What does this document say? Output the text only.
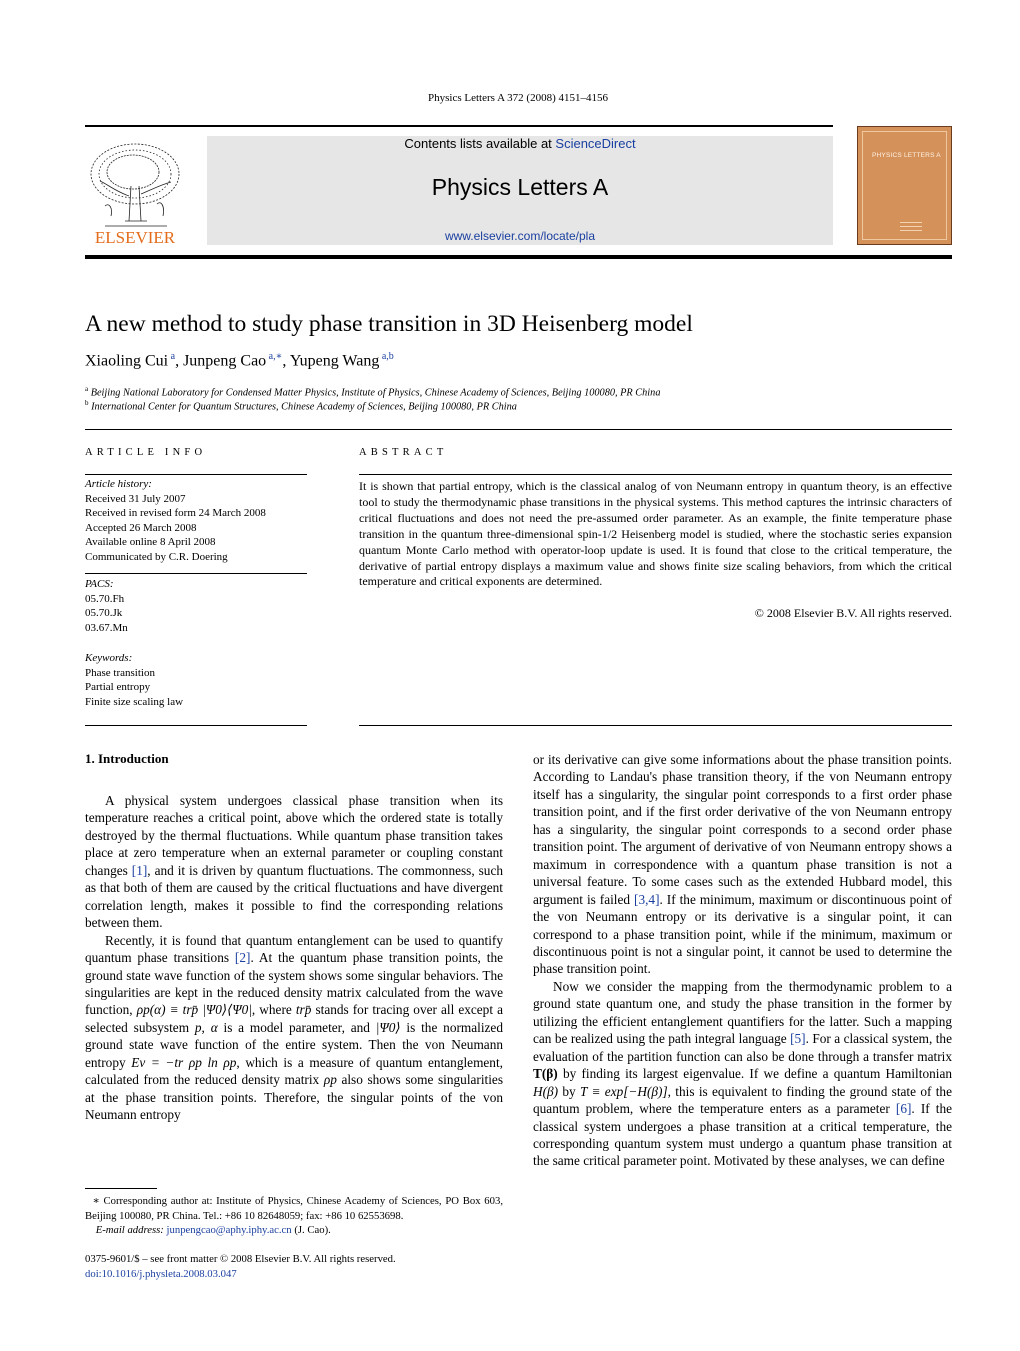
Physics Letters A 372 (2008) 4151–4156
ELSEVIER
Contents lists available at ScienceDirect
Physics Letters A
www.elsevier.com/locate/pla
PHYSICS LETTERS A
A new method to study phase transition in 3D Heisenberg model
Xiaoling Cui $^a$, Junpeng Cao $^{a,∗}$, Yupeng Wang $^{a,b}$
$^a$ Beijing National Laboratory for Condensed Matter Physics, Institute of Physics, Chinese Academy of Sciences, Beijing 100080, PR China
$^b$ International Center for Quantum Structures, Chinese Academy of Sciences, Beijing 100080, PR China
ARTICLE INFO	ABSTRACT
Article history:
Received 31 July 2007
Received in revised form 24 March 2008
Accepted 26 March 2008
Available online 8 April 2008
Communicated by C.R. Doering
PACS:
05.70.Fh
05.70.Jk
03.67.Mn
Keywords:
Phase transition
Partial entropy
Finite size scaling law
It is shown that partial entropy, which is the classical analog of von Neumann entropy in quantum theory, is an effective tool to study the thermodynamic phase transitions in the physical systems. This method captures the intrinsic characters of critical fluctuations and does not need the pre-assumed order parameter. As an example, the finite temperature phase transition in the quantum three-dimensional spin-1/2 Heisenberg model is studied, where the stochastic series expansion quantum Monte Carlo method with operator-loop update is used. It is found that close to the critical temperature, the derivative of partial entropy displays a maximum value and shows finite size scaling behaviors, from which the critical temperature and critical exponents are determined.
© 2008 Elsevier B.V. All rights reserved.
1. Introduction

A physical system undergoes classical phase transition when its temperature reaches a critical point, above which the ordered state is totally destroyed by the thermal fluctuations. While quantum phase transition takes place at zero temperature when an external parameter or coupling constant changes [1], and it is driven by quantum fluctuations. The commonness, such as that both of them are caused by the critical fluctuations and have divergent correlation length, makes it possible to find the corresponding relations between them.

Recently, it is found that quantum entanglement can be used to quantify quantum phase transitions [2]. At the quantum phase transition points, the ground state wave function of the system shows some singular behaviors. The singularities are kept in the reduced density matrix calculated from the wave function, ρp(α) ≡ trp̄ |Ψ0⟩⟨Ψ0|, where trp̄ stands for tracing over all except a selected subsystem p, α is a model parameter, and |Ψ0⟩ is the normalized ground state wave function of the entire system. Then the von Neumann entropy Ev = −tr ρp ln ρp, which is a measure of quantum entanglement, calculated from the reduced density matrix ρp also shows some singularities at the phase transition points. Therefore, the singular points of the von Neumann entropy

or its derivative can give some informations about the phase transition points. According to Landau's phase transition theory, if the von Neumann entropy itself has a singularity, the singular point corresponds to a first order phase transition point, and if the first order derivative of the von Neumann entropy has a singularity, the singular point corresponds to a second order phase transition point. The argument of derivative of von Neumann entropy shows a maximum in correspondence with a quantum phase transition is not a universal feature. To some cases such as the extended Hubbard model, this argument is failed [3,4]. If the minimum, maximum or discontinuous point of the von Neumann entropy or its derivative is a singular point, it can correspond to a phase transition point, while if the minimum, maximum or discontinuous point is not a singular point, it cannot be used to determine the phase transition point.

Now we consider the mapping from the thermodynamic problem to a ground state quantum one, and study the phase transition in the former by utilizing the efficient entanglement quantifiers for the latter. Such a mapping can be realized using the path integral language [5]. For a classical system, the evaluation of the partition function can also be done through a transfer matrix T(β) by finding its largest eigenvalue. If we define a quantum Hamiltonian H(β) by T ≡ exp[−H(β)], this is equivalent to finding the ground state of the quantum problem, where the temperature enters as a parameter [6]. If the classical system undergoes a phase transition at a critical temperature, the corresponding quantum system must undergo a quantum phase transition at the same critical parameter point. Motivated by these analyses, we can define

∗ Corresponding author at: Institute of Physics, Chinese Academy of Sciences, PO Box 603, Beijing 100080, PR China. Tel.: +86 10 82648059; fax: +86 10 62553698.
E-mail address: junpengcao@aphy.iphy.ac.cn (J. Cao).
0375-9601/$ – see front matter © 2008 Elsevier B.V. All rights reserved.
doi:10.1016/j.physleta.2008.03.047
